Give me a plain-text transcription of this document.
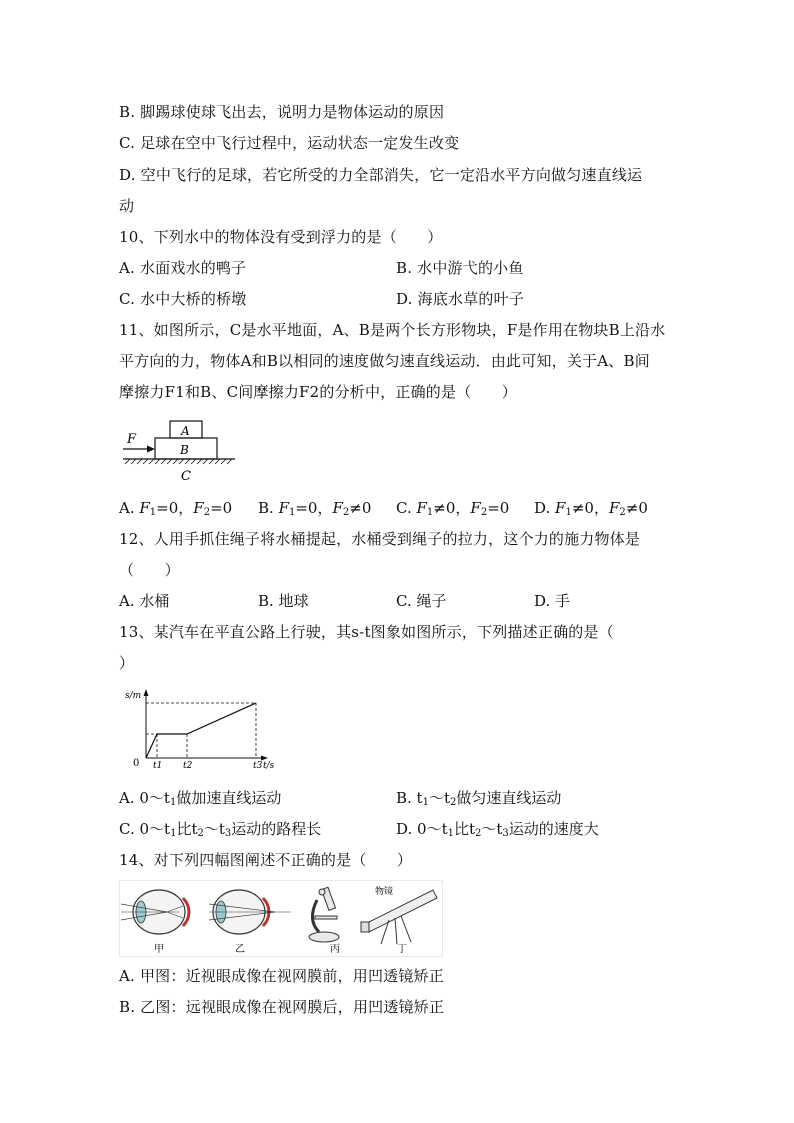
B. 脚踢球使球飞出去，说明力是物体运动的原因
C. 足球在空中飞行过程中，运动状态一定发生改变
D. 空中飞行的足球，若它所受的力全部消失，它一定沿水平方向做匀速直线运
动
10、下列水中的物体没有受到浮力的是（　　）
A. 水面戏水的鸭子	B. 水中游弋的小鱼
C. 水中大桥的桥墩	D. 海底水草的叶子
11、如图所示，C是水平地面，A、B是两个长方形物块，F是作用在物块B上沿水
平方向的力，物体A和B以相同的速度做匀速直线运动．由此可知，关于A、B间
摩擦力F1和B、C间摩擦力F2的分析中，正确的是（　　）
F
A
B
C
A. $F_1=0$，$F_2=0$ B. $F_1=0$，$F_2\ne 0$ C. $F_1\ne 0$，$F_2=0$ D. $F_1\ne 0$，$F_2\ne 0$
12、人用手抓住绳子将水桶提起，水桶受到绳子的拉力，这个力的施力物体是
（　　）
A. 水桶	B. 地球	C. 绳子	D. 手
13、某汽车在平直公路上行驶，其s-t图象如图所示，下列描述正确的是（
）
s/m
0 t1 t2	t3 t/s
A. $0\sim t_1$做加速直线运动	B. $t_1\sim t_2$做匀速直线运动
C. $0\sim t_1$比$t_2\sim t_3$运动的路程长	D. $0\sim t_1$比$t_2\sim t_3$运动的速度大
14、对下列四幅图阐述不正确的是（　　）
甲	乙	丙
物镜
丁
A. 甲图：近视眼成像在视网膜前，用凹透镜矫正
B. 乙图：远视眼成像在视网膜后，用凹透镜矫正
